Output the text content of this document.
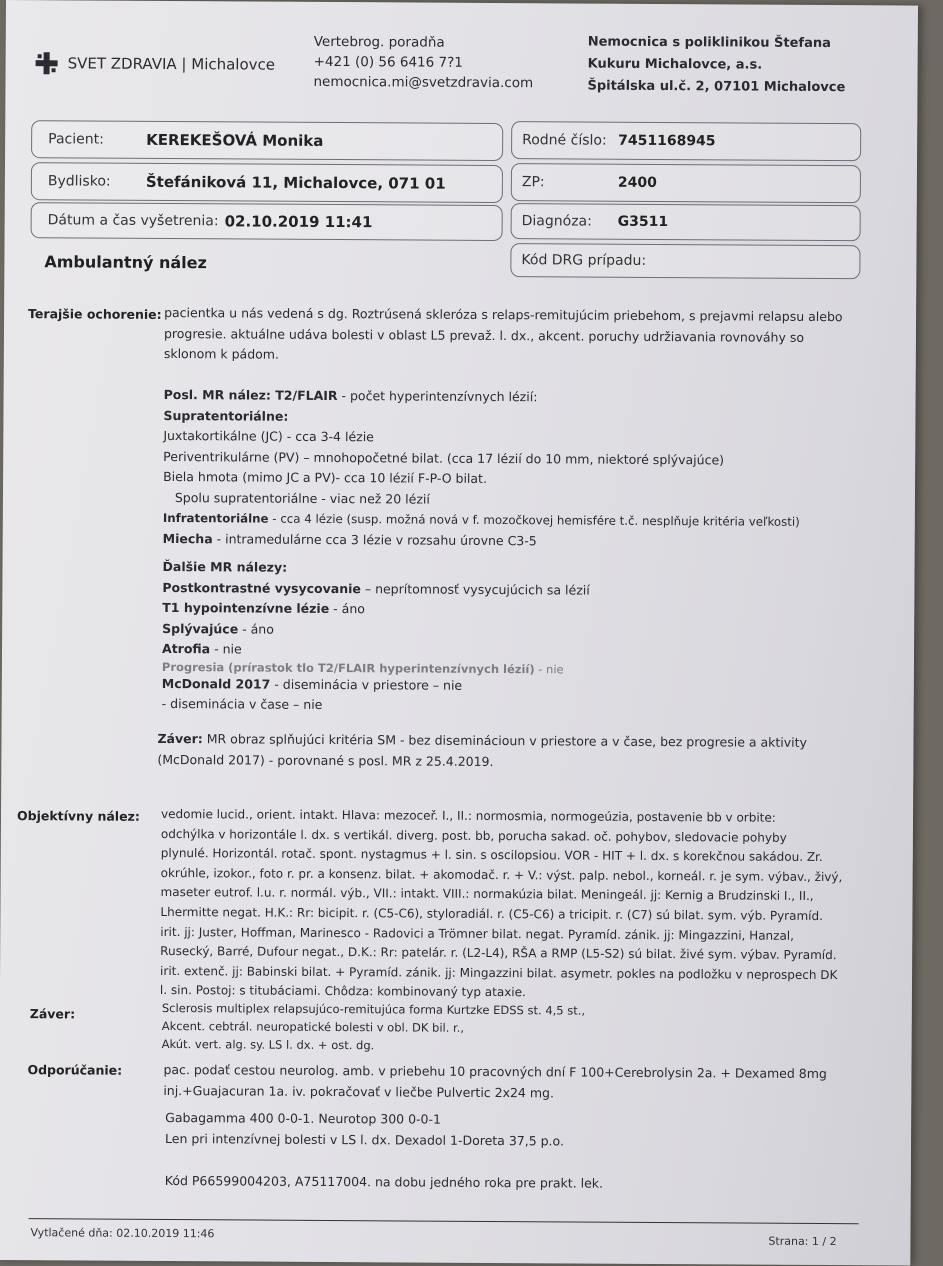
SVET ZDRAVIA | Michalovce
Vertebrog. poradňa
+421 (0) 56 6416 7?1
nemocnica.mi@svetzdravia.com
Nemocnica s poliklinikou Štefana
Kukuru Michalovce, a.s.
Špitálska ul.č. 2, 07101 Michalovce
Pacient:	KEREKEŠOVÁ Monika
Bydlisko:	Štefániková 11, Michalovce, 071 01
Dátum a čas vyšetrenia: 02.10.2019 11:41
Rodné číslo: 7451168945
ZP:	2400
Diagnóza:	G3511
Kód DRG prípadu:
Ambulantný nález
Terajšie ochorenie: pacientka u nás vedená s dg. Roztrúsená skleróza s relaps-remitujúcim priebehom, s prejavmi relapsu alebo

progresie. aktuálne udáva bolesti v oblast L5 prevaž. l. dx., akcent. poruchy udržiavania rovnováhy so

sklonom k pádom.

Posl. MR nález: T2/FLAIR - počet hyperintenzívnych lézií:

Supratentoriálne:

Juxtakortikálne (JC) - cca 3-4 lézie

Periventrikulárne (PV) – mnohopočetné bilat. (cca 17 lézií do 10 mm, niektoré splývajúce)

Biela hmota (mimo JC a PV)- cca 10 lézií F-P-O bilat.

Spolu supratentoriálne - viac než 20 lézií

Infratentoriálne - cca 4 lézie (susp. možná nová v f. mozočkovej hemisfére t.č. nesplňuje kritéria veľkosti)

Miecha - intramedulárne cca 3 lézie v rozsahu úrovne C3-5

Ďalšie MR nálezy:

Postkontrastné vysycovanie – neprítomnosť vysycujúcich sa lézií

T1 hypointenzívne lézie - áno

Splývajúce - áno

Atrofia - nie

Progresia (prírastok tlo T2/FLAIR hyperintenzívnych lézií) - nie

McDonald 2017 - diseminácia v priestore – nie

- diseminácia v čase – nie

Záver: MR obraz splňujúci kritéria SM - bez diseminácioun v priestore a v čase, bez progresie a aktivity

(McDonald 2017) - porovnané s posl. MR z 25.4.2019.

Objektívny nález: vedomie lucid., orient. intakt. Hlava: mezoceř. I., II.: normosmia, normogeúzia, postavenie bb v orbite:

odchýlka v horizontále l. dx. s vertikál. diverg. post. bb, porucha sakad. oč. pohybov, sledovacie pohyby

plynulé. Horizontál. rotač. spont. nystagmus + l. sin. s oscilopsiou. VOR - HIT + l. dx. s korekčnou sakádou. Zr.

okrúhle, izokor., foto r. pr. a konsenz. bilat. + akomodač. r. + V.: výst. palp. nebol., korneál. r. je sym. výbav., živý,

maseter eutrof. l.u. r. normál. výb., VII.: intakt. VIII.: normakúzia bilat. Meningeál. jj: Kernig a Brudzinski I., II.,

Lhermitte negat. H.K.: Rr: bicipit. r. (C5-C6), styloradiál. r. (C5-C6) a tricipit. r. (C7) sú bilat. sym. výb. Pyramíd.

irit. jj: Juster, Hoffman, Marinesco - Radovici a Trömner bilat. negat. Pyramíd. zánik. jj: Mingazzini, Hanzal,

Rusecký, Barré, Dufour negat., D.K.: Rr: patelár. r. (L2-L4), RŠA a RMP (L5-S2) sú bilat. živé sym. výbav. Pyramíd.

irit. extenč. jj: Babinski bilat. + Pyramíd. zánik. jj: Mingazzini bilat. asymetr. pokles na podložku v neprospech DK

l. sin. Postoj: s titubáciami. Chôdza: kombinovaný typ ataxie.

Záver:	Sclerosis multiplex relapsujúco-remitujúca forma Kurtzke EDSS st. 4,5 st.,

Akcent. cebtrál. neuropatické bolesti v obl. DK bil. r.,

Akút. vert. alg. sy. LS l. dx. + ost. dg.

Odporúčanie:	pac. podať cestou neurolog. amb. v priebehu 10 pracovných dní F 100+Cerebrolysin 2a. + Dexamed 8mg

inj.+Guajacuran 1a. iv. pokračovať v liečbe Pulvertic 2x24 mg.

Gabagamma 400 0-0-1. Neurotop 300 0-0-1

Len pri intenzívnej bolesti v LS l. dx. Dexadol 1-Doreta 37,5 p.o.

Kód P66599004203, A75117004. na dobu jedného roka pre prakt. lek.
Vytlačené dňa: 02.10.2019 11:46
Strana: 1 / 2
